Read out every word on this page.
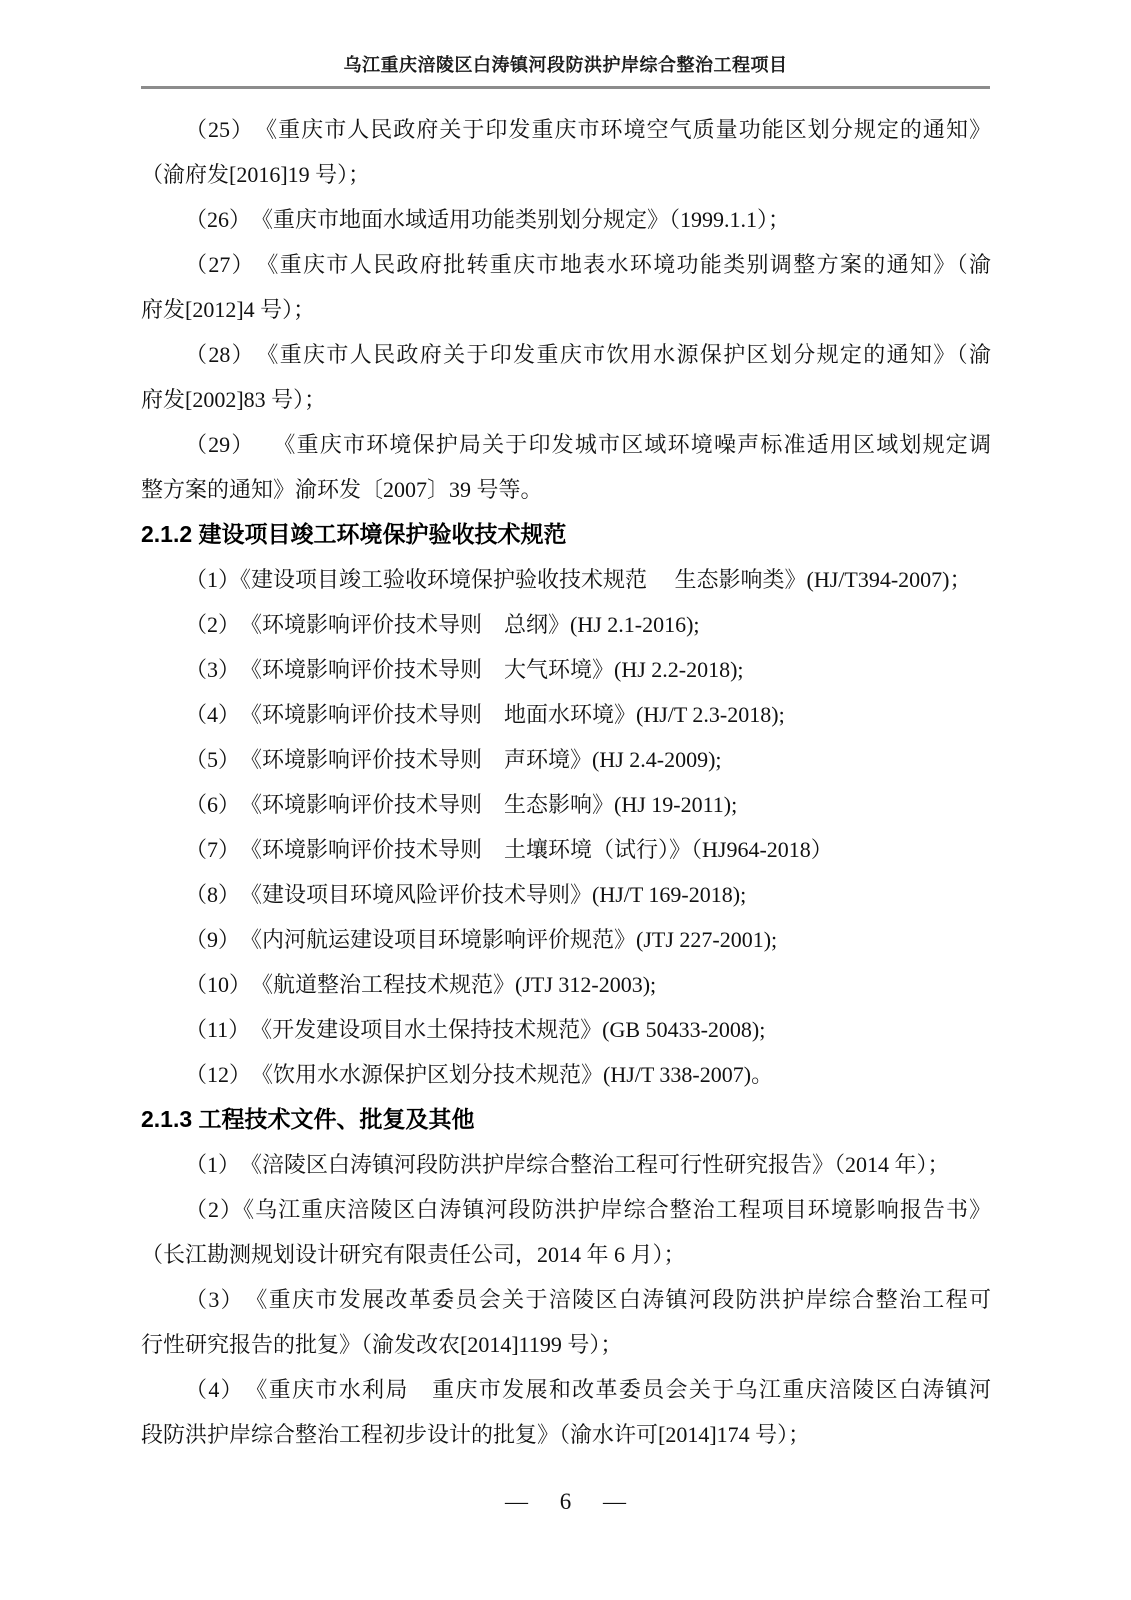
乌江重庆涪陵区白涛镇河段防洪护岸综合整治工程项目
（25）　《重庆市人民政府关于印发重庆市环境空气质量功能区划分规定的通知》
（渝府发[2016]19 号）；
（26）　《重庆市地面水域适用功能类别划分规定》（1999.1.1）；
（27）　《重庆市人民政府批转重庆市地表水环境功能类别调整方案的通知》（渝
府发[2012]4 号）；
（28）　《重庆市人民政府关于印发重庆市饮用水源保护区划分规定的通知》（渝
府发[2002]83 号）；
（29）　 《重庆市环境保护局关于印发城市区域环境噪声标准适用区域划规定调
整方案的通知》渝环发〔2007〕39 号等。
2.1.2 建设项目竣工环境保护验收技术规范
（1）《建设项目竣工验收环境保护验收技术规范　 生态影响类》(HJ/T394-2007)；
（2）　《环境影响评价技术导则　总纲》(HJ 2.1-2016);
（3）　《环境影响评价技术导则　大气环境》(HJ 2.2-2018);
（4）　《环境影响评价技术导则　地面水环境》(HJ/T 2.3-2018);
（5）　《环境影响评价技术导则　声环境》(HJ 2.4-2009);
（6）　《环境影响评价技术导则　生态影响》(HJ 19-2011);
（7）　《环境影响评价技术导则　土壤环境（试行）》（HJ964-2018）
（8）　《建设项目环境风险评价技术导则》(HJ/T 169-2018);
（9）　《内河航运建设项目环境影响评价规范》(JTJ 227-2001);
（10）　《航道整治工程技术规范》(JTJ 312-2003);
（11）　《开发建设项目水土保持技术规范》(GB 50433-2008);
（12）　《饮用水水源保护区划分技术规范》(HJ/T 338-2007)。
2.1.3 工程技术文件、批复及其他
（1）　《涪陵区白涛镇河段防洪护岸综合整治工程可行性研究报告》（2014 年）；
（2）《乌江重庆涪陵区白涛镇河段防洪护岸综合整治工程项目环境影响报告书》
（长江勘测规划设计研究有限责任公司，2014 年 6 月）；
（3）　《重庆市发展改革委员会关于涪陵区白涛镇河段防洪护岸综合整治工程可
行性研究报告的批复》（渝发改农[2014]1199 号）；
（4）　《重庆市水利局　重庆市发展和改革委员会关于乌江重庆涪陵区白涛镇河
段防洪护岸综合整治工程初步设计的批复》（渝水许可[2014]174 号）；
— 6 —
